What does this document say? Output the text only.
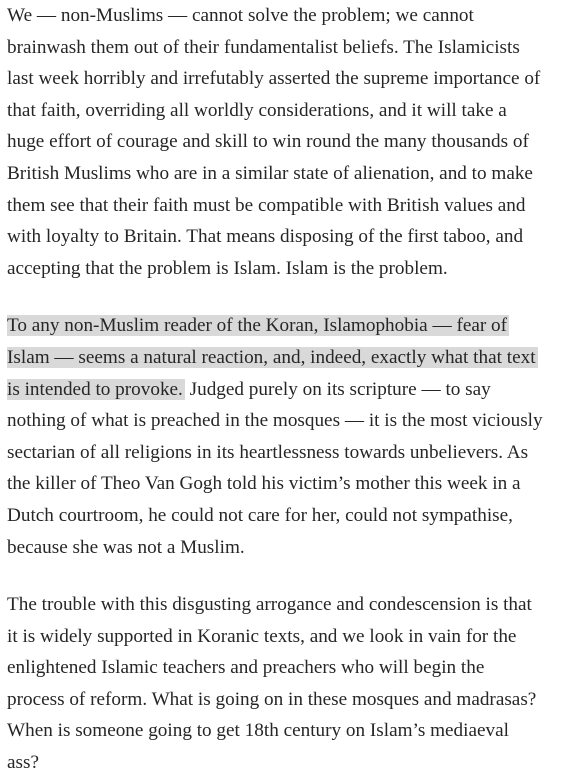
We — non-Muslims — cannot solve the problem; we cannot
brainwash them out of their fundamentalist beliefs. The Islamicists
last week horribly and irrefutably asserted the supreme importance of
that faith, overriding all worldly considerations, and it will take a
huge effort of courage and skill to win round the many thousands of
British Muslims who are in a similar state of alienation, and to make
them see that their faith must be compatible with British values and
with loyalty to Britain. That means disposing of the first taboo, and
accepting that the problem is Islam. Islam is the problem.

To any non-Muslim reader of the Koran, Islamophobia — fear of
Islam — seems a natural reaction, and, indeed, exactly what that text
is intended to provoke. Judged purely on its scripture — to say
nothing of what is preached in the mosques — it is the most viciously
sectarian of all religions in its heartlessness towards unbelievers. As
the killer of Theo Van Gogh told his victim’s mother this week in a
Dutch courtroom, he could not care for her, could not sympathise,
because she was not a Muslim.

The trouble with this disgusting arrogance and condescension is that
it is widely supported in Koranic texts, and we look in vain for the
enlightened Islamic teachers and preachers who will begin the
process of reform. What is going on in these mosques and madrasas?
When is someone going to get 18th century on Islam’s mediaeval
ass?
